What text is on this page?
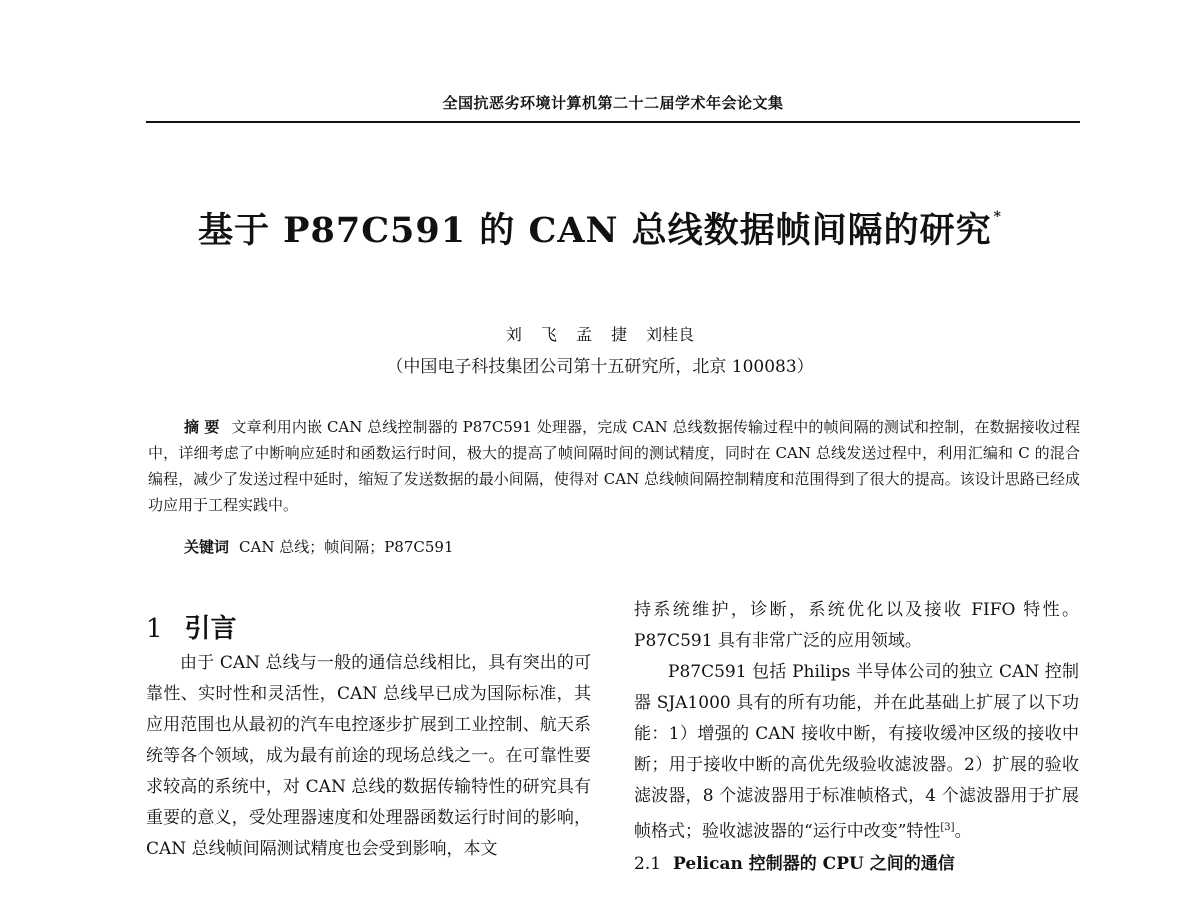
全国抗恶劣环境计算机第二十二届学术年会论文集
基于 P87C591 的 CAN 总线数据帧间隔的研究 *
刘 飞 孟 捷 刘桂良
（中国电子科技集团公司第十五研究所，北京 100083）

摘 要 文章利用内嵌 CAN 总线控制器的 P87C591 处理器，完成 CAN 总线数据传输过程中的帧间隔的测试和控制，在数据接收过程中，详细考虑了中断响应延时和函数运行时间，极大的提高了帧间隔时间的测试精度，同时在 CAN 总线发送过程中，利用汇编和 C 的混合编程，减少了发送过程中延时，缩短了发送数据的最小间隔，使得对 CAN 总线帧间隔控制精度和范围得到了很大的提高。该设计思路已经成功应用于工程实践中。

关键词 CAN 总线；帧间隔；P87C591
1 引言

由于 CAN 总线与一般的通信总线相比，具有突出的可靠性、实时性和灵活性，CAN 总线早已成为国际标准，其应用范围也从最初的汽车电控逐步扩展到工业控制、航天系统等各个领域，成为最有前途的现场总线之一。在可靠性要求较高的系统中，对 CAN 总线的数据传输特性的研究具有重要的意义，受处理器速度和处理器函数运行时间的影响，CAN 总线帧间隔测试精度也会受到影响，本文

持系统维护，诊断，系统优化以及接收 FIFO 特性。P87C591 具有非常广泛的应用领域。

P87C591 包括 Philips 半导体公司的独立 CAN 控制器 SJA1000 具有的所有功能，并在此基础上扩展了以下功能：1）增强的 CAN 接收中断，有接收缓冲区级的接收中断；用于接收中断的高优先级验收滤波器。2）扩展的验收滤波器，8 个滤波器用于标准帧格式，4 个滤波器用于扩展帧格式；验收滤波器的“运行中改变”特性[3]。

2.1 Pelican 控制器的 CPU 之间的通信
